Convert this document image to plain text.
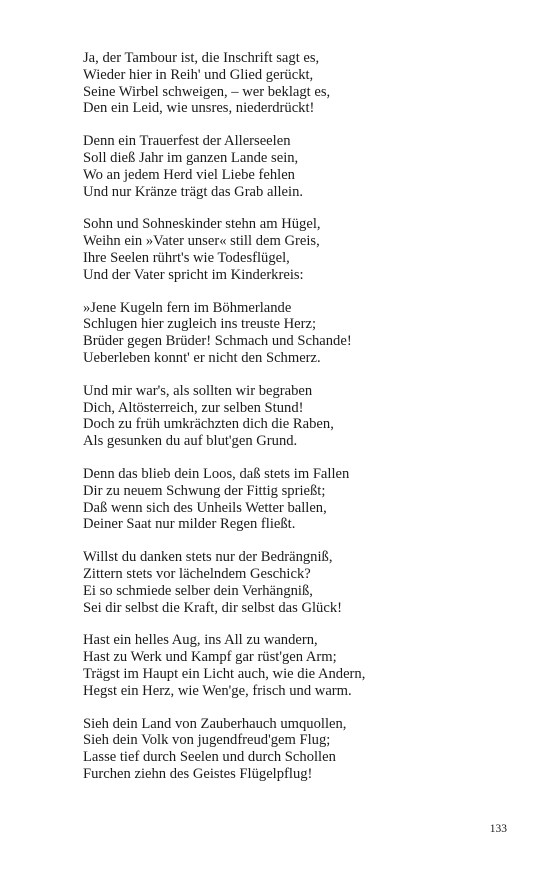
Ja, der Tambour ist, die Inschrift sagt es,
Wieder hier in Reih' und Glied gerückt,
Seine Wirbel schweigen, – wer beklagt es,
Den ein Leid, wie unsres, niederdrückt!
Denn ein Trauerfest der Allerseelen
Soll dieß Jahr im ganzen Lande sein,
Wo an jedem Herd viel Liebe fehlen
Und nur Kränze trägt das Grab allein.
Sohn und Sohneskinder stehn am Hügel,
Weihn ein »Vater unser« still dem Greis,
Ihre Seelen rührt's wie Todesflügel,
Und der Vater spricht im Kinderkreis:
»Jene Kugeln fern im Böhmerlande
Schlugen hier zugleich ins treuste Herz;
Brüder gegen Brüder! Schmach und Schande!
Ueberleben konnt' er nicht den Schmerz.
Und mir war's, als sollten wir begraben
Dich, Altösterreich, zur selben Stund!
Doch zu früh umkrächzten dich die Raben,
Als gesunken du auf blut'gen Grund.
Denn das blieb dein Loos, daß stets im Fallen
Dir zu neuem Schwung der Fittig sprießt;
Daß wenn sich des Unheils Wetter ballen,
Deiner Saat nur milder Regen fließt.
Willst du danken stets nur der Bedrängniß,
Zittern stets vor lächelndem Geschick?
Ei so schmiede selber dein Verhängniß,
Sei dir selbst die Kraft, dir selbst das Glück!
Hast ein helles Aug, ins All zu wandern,
Hast zu Werk und Kampf gar rüst'gen Arm;
Trägst im Haupt ein Licht auch, wie die Andern,
Hegst ein Herz, wie Wen'ge, frisch und warm.
Sieh dein Land von Zauberhauch umquollen,
Sieh dein Volk von jugendfreud'gem Flug;
Lasse tief durch Seelen und durch Schollen
Furchen ziehn des Geistes Flügelpflug!
133
